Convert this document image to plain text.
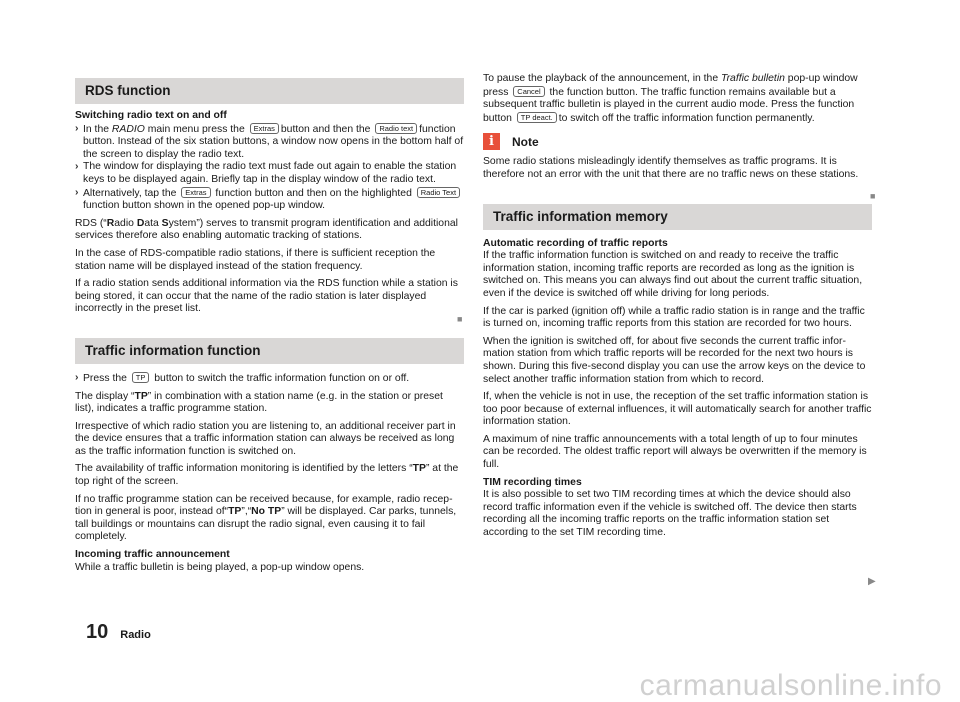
RDS function
Switching radio text on and off
› In the RADIO main menu press the Extras button and then the Radio text function button. Instead of the six station buttons, a window now opens in the bottom half of the screen to display the radio text.
› The window for displaying the radio text must fade out again to enable the station keys to be displayed again. Briefly tap in the display window of the radio text.
› Alternatively, tap the Extras function button and then on the highlighted Radio Text function button shown in the opened pop-up window.

RDS (“Radio Data System”) serves to transmit program identification and additional services therefore also enabling automatic tracking of stations.

In the case of RDS-compatible radio stations, if there is sufficient reception the station name will be displayed instead of the station frequency.

If a radio station sends additional information via the RDS function while a station is being stored, it can occur that the name of the radio station is later displayed incorrectly in the preset list.

Traffic information function
› Press the TP button to switch the traffic information function on or off.

The display “TP” in combination with a station name (e.g. in the station or preset list), indicates a traffic programme station.

Irrespective of which radio station you are listening to, an additional receiver part in the device ensures that a traffic information station can always be received as long as the traffic information function is switched on.

The availability of traffic information monitoring is identified by the letters “TP” at the top right of the screen.

If no traffic programme station can be received because, for example, radio reception in general is poor, instead of“TP”,“No TP” will be displayed. Car parks, tunnels, tall buildings or mountains can disrupt the radio signal, even causing it to fail completely.

Incoming traffic announcement

While a traffic bulletin is being played, a pop-up window opens.

■

To pause the playback of the announcement, in the Traffic bulletin pop-up window press Cancel the function button. The traffic function remains available but a subsequent traffic bulletin is played in the current audio mode. Press the function button TP deact. to switch off the traffic information function permanently.

i	Note

Some radio stations misleadingly identify themselves as traffic programs. It is therefore not an error with the unit that there are no traffic news on these stations.

Traffic information memory
Automatic recording of traffic reports

If the traffic information function is switched on and ready to receive the traffic information station, incoming traffic reports are recorded as long as the ignition is switched on. This means you can always find out about the current traffic situation, even if the device is switched off while driving for long periods.

If the car is parked (ignition off) while a traffic radio station is in range and the traffic is turned on, incoming traffic reports from this station are recorded for two hours.

When the ignition is switched off, for about five seconds the current traffic information station from which traffic reports will be recorded for the next two hours is shown. During this five-second display you can use the arrow keys on the device to select another traffic information station from which to record.

If, when the vehicle is not in use, the reception of the set traffic information station is too poor because of external influences, it will automatically search for another traffic information station.

A maximum of nine traffic announcements with a total length of up to four minutes can be recorded. The oldest traffic report will always be overwritten if the memory is full.

TIM recording times

It is also possible to set two TIM recording times at which the device should also record traffic information even if the vehicle is switched off. The device then starts recording all the incoming traffic reports on the traffic information station set according to the set TIM recording time.

■
▶
10 Radio
carmanualsonline.info
